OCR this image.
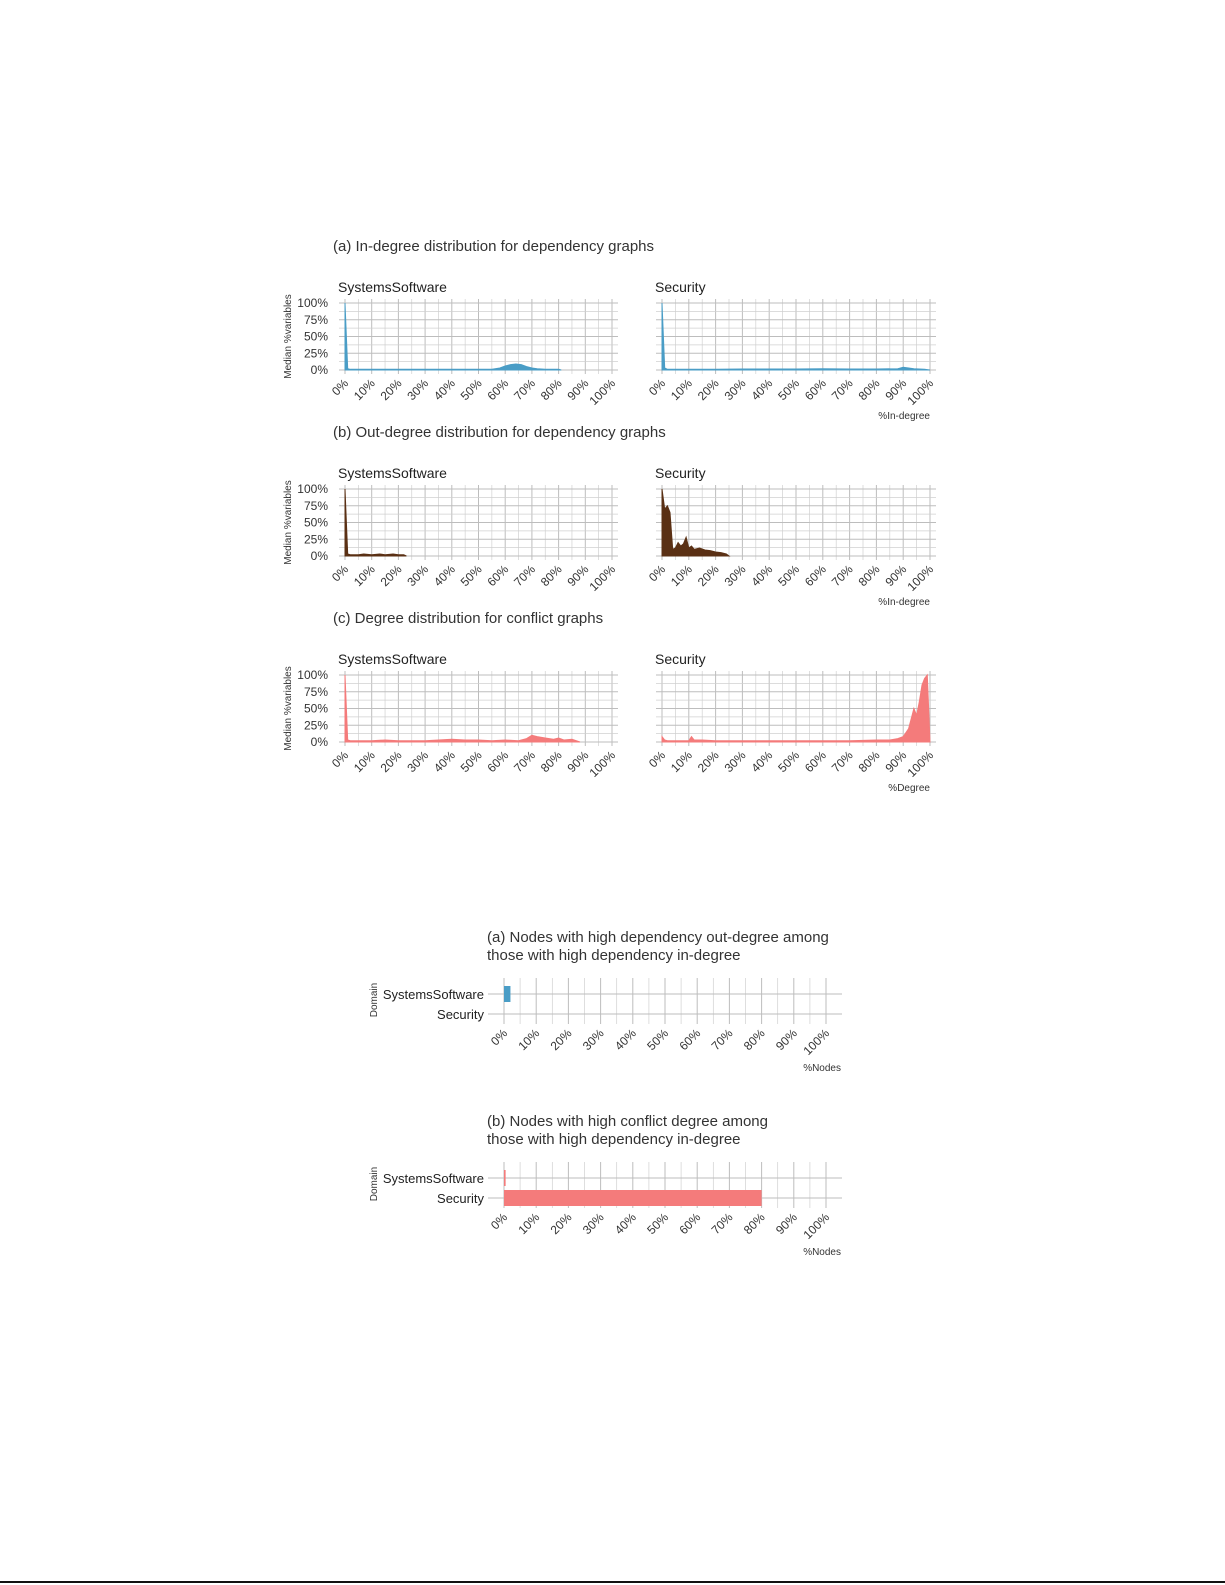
(a) In-degree distribution for dependency graphs
Median %variables
SystemsSoftware
0% 10% 20% 30% 40% 50% 60% 70% 80% 90%
100%
0%
25%
50%
75%
100%
Security
0% 10% 20% 30% 40% 50% 60% 70% 80% 90%
100%
%In-degree
(b) Out-degree distribution for dependency graphs
Median %variables
SystemsSoftware
0% 10% 20% 30% 40% 50% 60% 70% 80% 90%
100%
0%
25%
50%
75%
100%
Security
0% 10% 20% 30% 40% 50% 60% 70% 80% 90%
100%
%In-degree
(c) Degree distribution for conflict graphs
Median %variables
SystemsSoftware
0% 10% 20% 30% 40% 50% 60% 70% 80% 90%
100%
0%
25%
50%
75%
100%
Security
0% 10% 20% 30% 40% 50% 60% 70% 80% 90%
100%
%Degree
(a) Nodes with high dependency out-degree among
those with high dependency in-degree
SystemsSoftware
Security
Domain
0% 10% 20% 30% 40% 50% 60% 70% 80% 90% 100%
%Nodes
(b) Nodes with high conflict degree among
those with high dependency in-degree
SystemsSoftware
Security
Domain
0% 10% 20% 30% 40% 50% 60% 70% 80% 90% 100%
%Nodes
